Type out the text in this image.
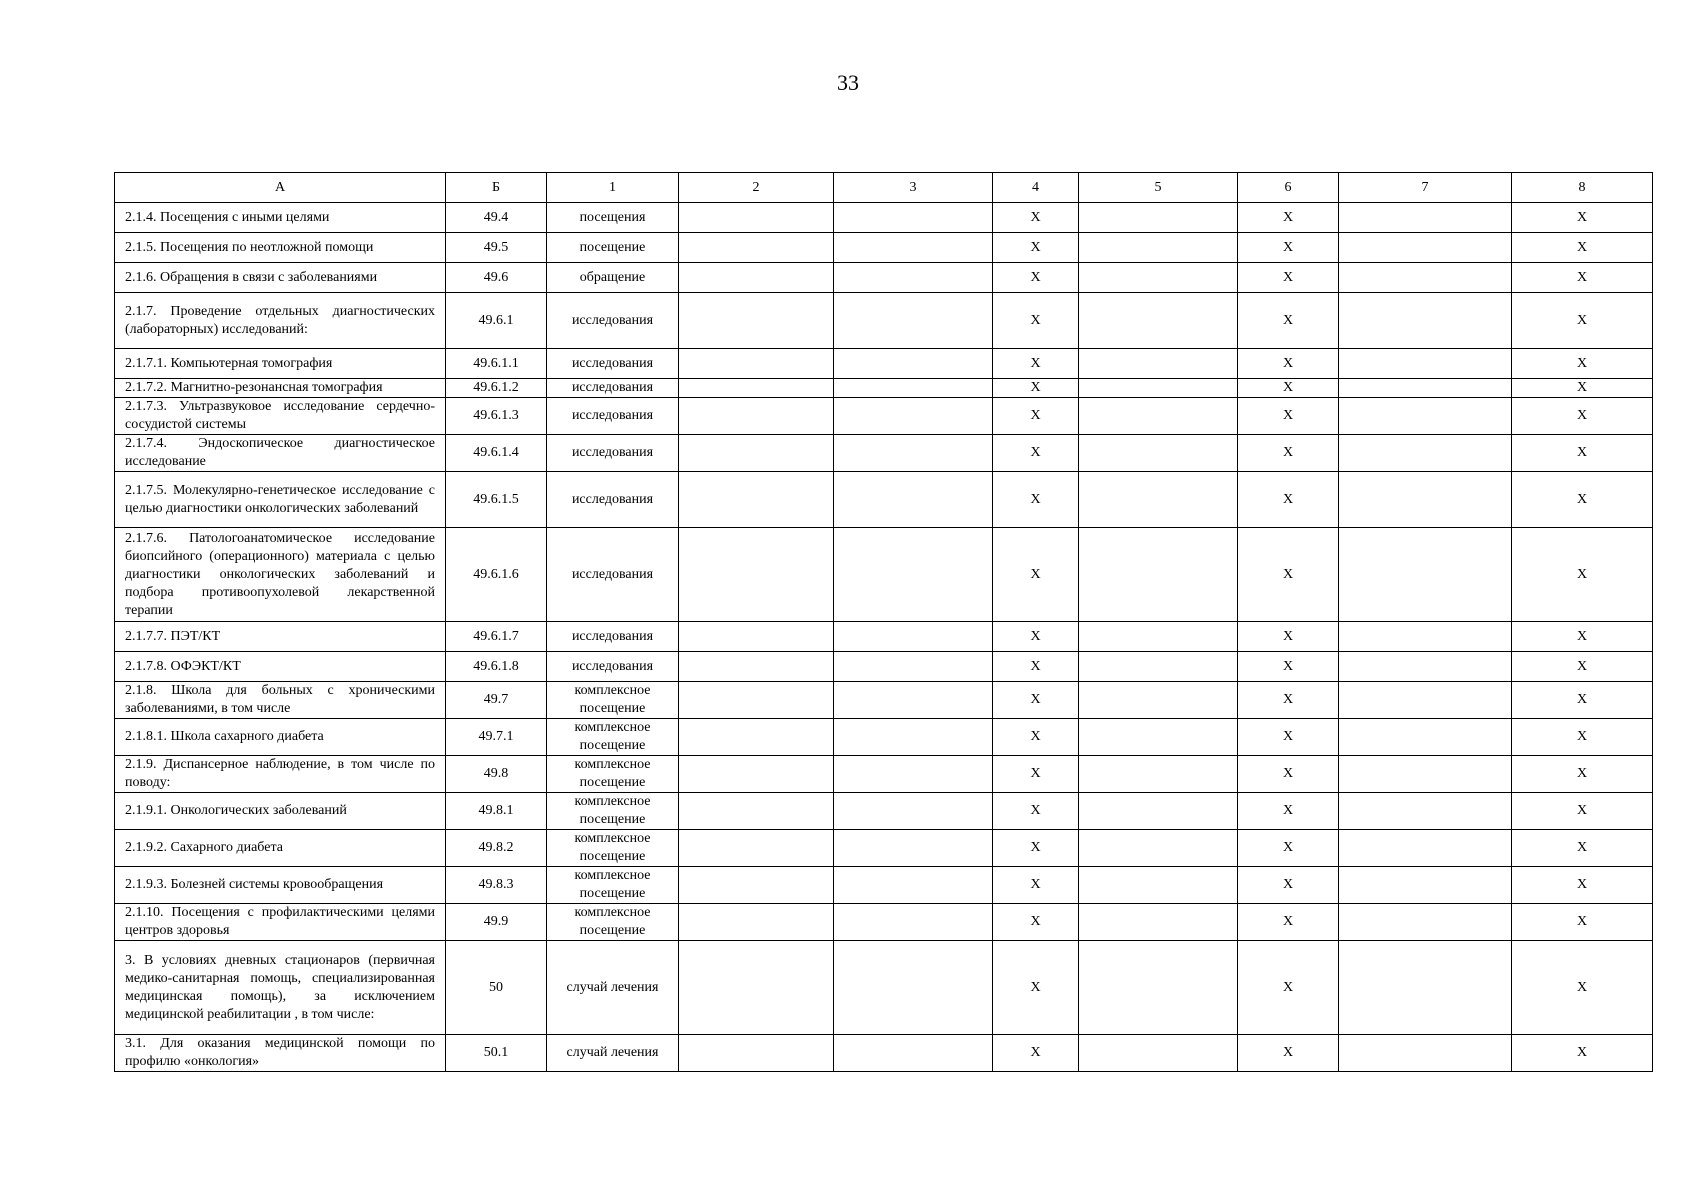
33
А	Б	1	2	3	4	5	6	7	8
2.1.4. Посещения с иными целями	49.4	посещения			X		X		X
2.1.5. Посещения по неотложной помощи	49.5	посещение			X		X		X
2.1.6. Обращения в связи с заболеваниями	49.6	обращение			X		X		X
2.1.7. Проведение отдельных диагностических (лабораторных) исследований:	49.6.1	исследования			X		X		X
2.1.7.1. Компьютерная томография	49.6.1.1	исследования			X		X		X
2.1.7.2. Магнитно-резонансная томография	49.6.1.2	исследования			X		X		X
2.1.7.3. Ультразвуковое исследование сердечно-сосудистой системы	49.6.1.3	исследования			X		X		X
2.1.7.4. Эндоскопическое диагностическое исследование	49.6.1.4	исследования			X		X		X
2.1.7.5. Молекулярно-генетическое исследование с целью диагностики онкологических заболеваний	49.6.1.5	исследования			X		X		X
2.1.7.6. Патологоанатомическое исследование биопсийного (операционного) материала с целью диагностики онкологических заболеваний и подбора противоопухолевой лекарственной терапии	49.6.1.6	исследования			X		X		X
2.1.7.7. ПЭТ/КТ	49.6.1.7	исследования			X		X		X
2.1.7.8. ОФЭКТ/КТ	49.6.1.8	исследования			X		X		X
2.1.8. Школа для больных с хроническими заболеваниями, в том числе	49.7	комплексное посещение			X		X		X
2.1.8.1. Школа сахарного диабета	49.7.1	комплексное посещение			X		X		X
2.1.9. Диспансерное наблюдение, в том числе по поводу:	49.8	комплексное посещение			X		X		X
2.1.9.1. Онкологических заболеваний	49.8.1	комплексное посещение			X		X		X
2.1.9.2. Сахарного диабета	49.8.2	комплексное посещение			X		X		X
2.1.9.3. Болезней системы кровообращения	49.8.3	комплексное посещение			X		X		X
2.1.10. Посещения с профилактическими целями центров здоровья	49.9	комплексное посещение			X		X		X
3. В условиях дневных стационаров (первичная медико-санитарная помощь, специализированная медицинская помощь), за исключением медицинской реабилитации , в том числе:	50	случай лечения			X		X		X
3.1. Для оказания медицинской помощи по профилю «онкология»	50.1	случай лечения			X		X		X
